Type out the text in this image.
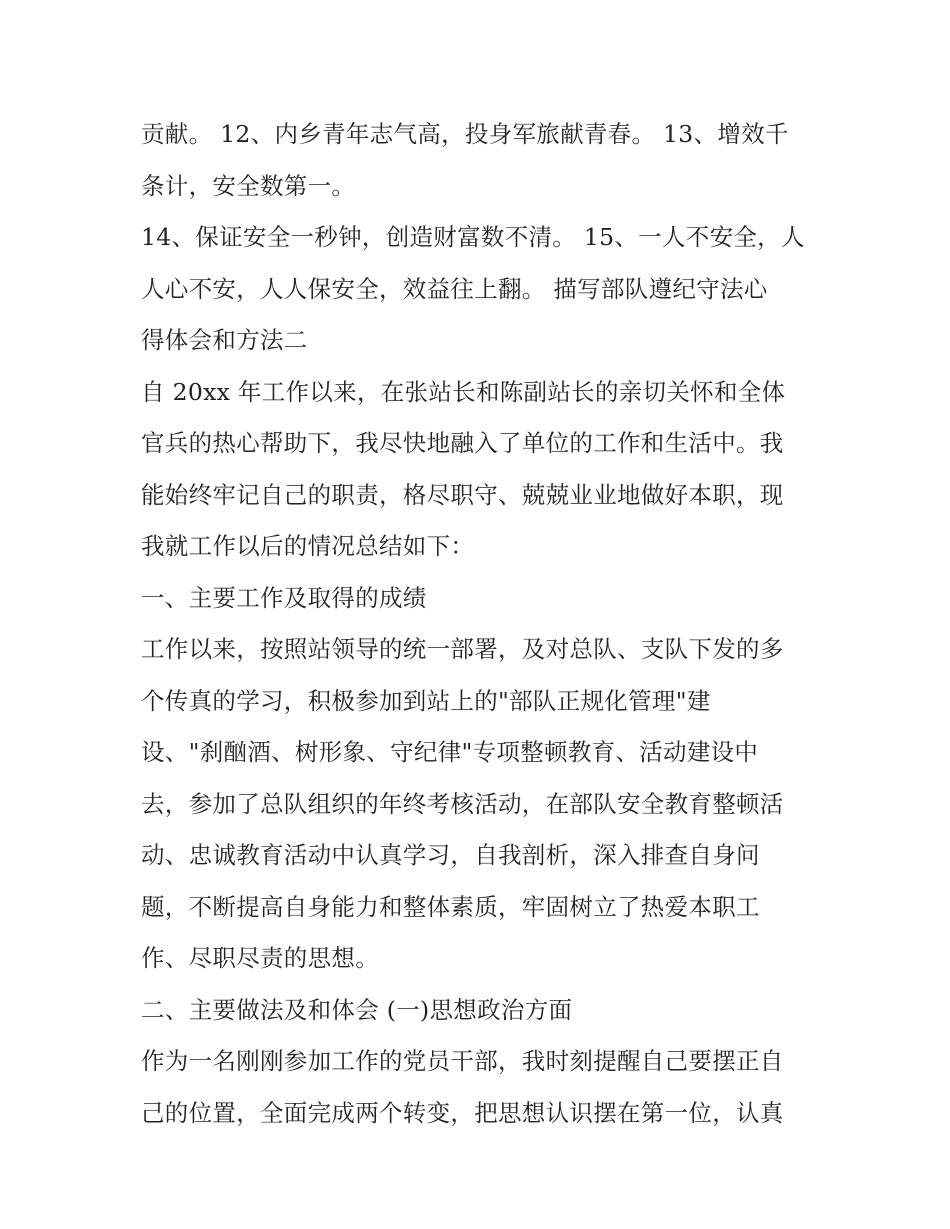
贡献。 12、内乡青年志气高，投身军旅献青春。 13、增效千
条计，安全数第一。
14、保证安全一秒钟，创造财富数不清。 15、一人不安全，人
人心不安，人人保安全，效益往上翻。 描写部队遵纪守法心
得体会和方法二
自 20xx 年工作以来，在张站长和陈副站长的亲切关怀和全体
官兵的热心帮助下，我尽快地融入了单位的工作和生活中。我
能始终牢记自己的职责，格尽职守、兢兢业业地做好本职，现
我就工作以后的情况总结如下：
一、主要工作及取得的成绩
工作以来，按照站领导的统一部署，及对总队、支队下发的多
个传真的学习，积极参加到站上的"部队正规化管理"建
设、"刹酗酒、树形象、守纪律"专项整顿教育、活动建设中
去，参加了总队组织的年终考核活动，在部队安全教育整顿活
动、忠诚教育活动中认真学习，自我剖析，深入排查自身问
题，不断提高自身能力和整体素质，牢固树立了热爱本职工
作、尽职尽责的思想。
二、主要做法及和体会 (一)思想政治方面
作为一名刚刚参加工作的党员干部，我时刻提醒自己要摆正自
己的位置，全面完成两个转变，把思想认识摆在第一位，认真
